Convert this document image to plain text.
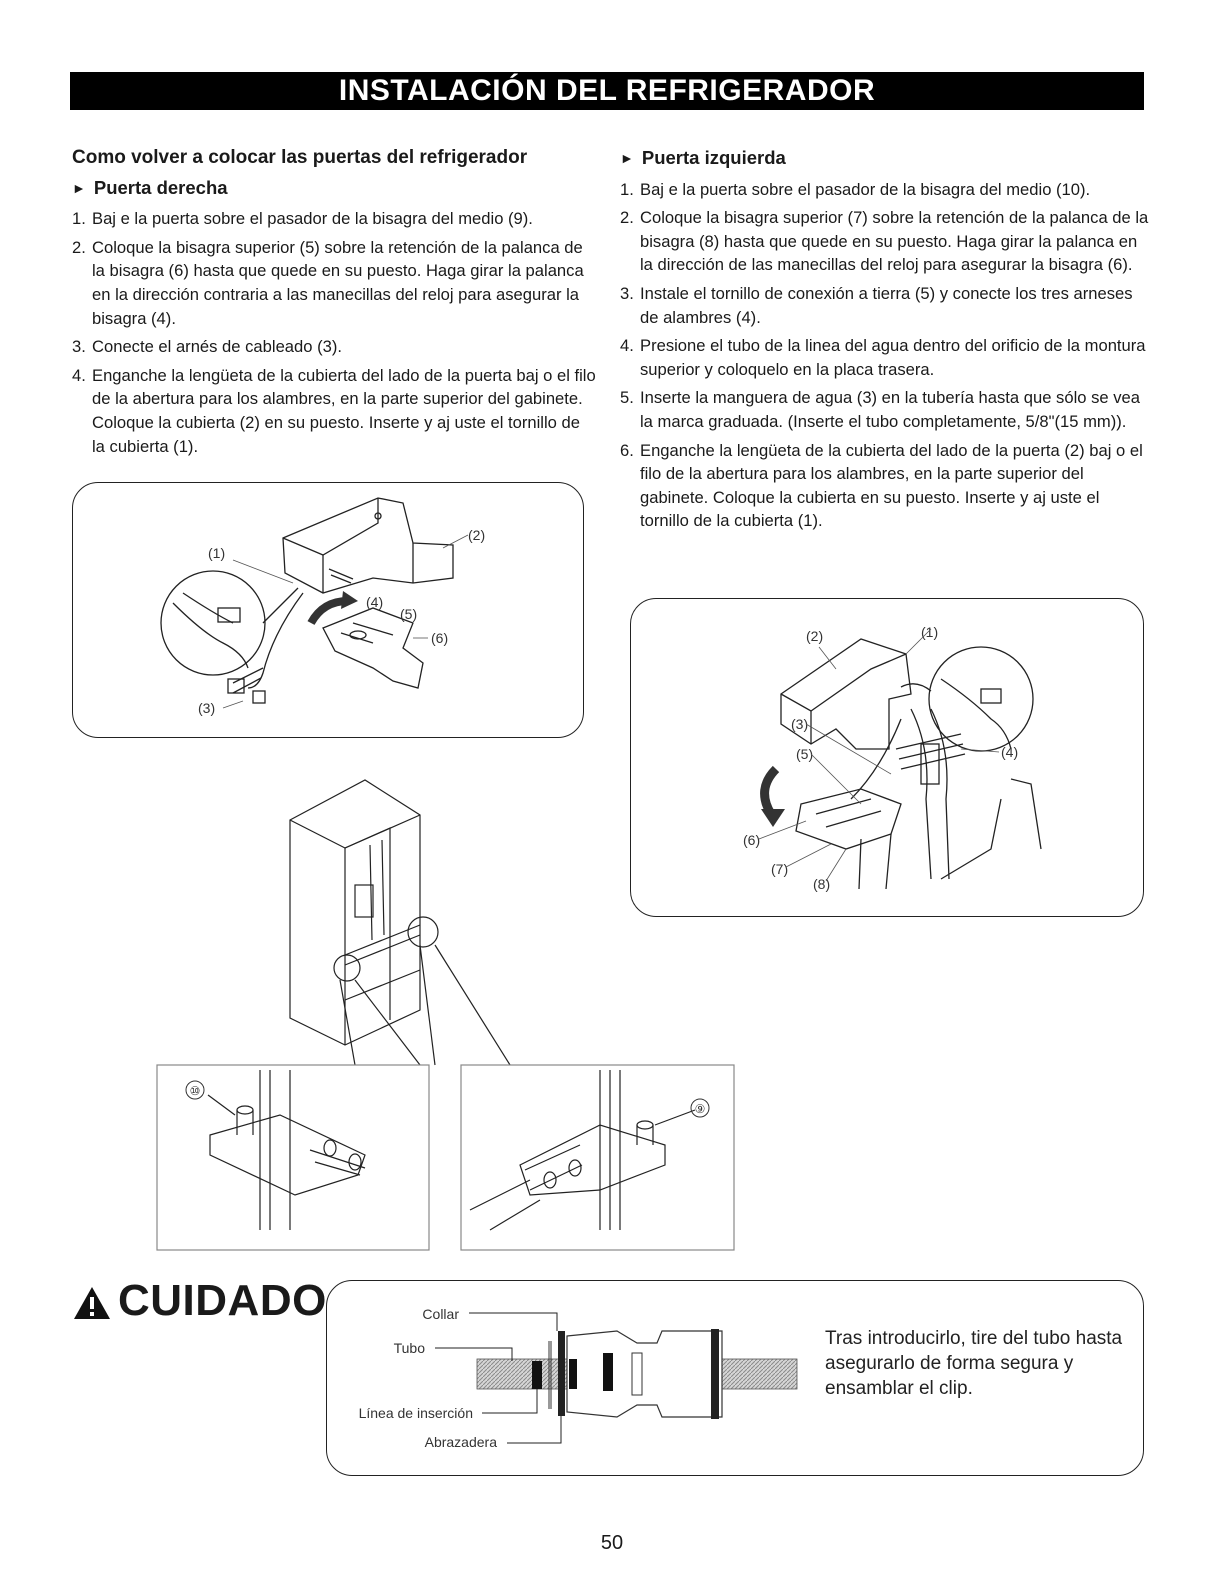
INSTALACIÓN DEL REFRIGERADOR
Como volver a colocar las puertas del refrigerador
► Puerta derecha
1. Baj e la puerta sobre el pasador de la bisagra del medio (9).
2. Coloque la bisagra superior (5) sobre la retención de la palanca de la bisagra (6) hasta que quede en su puesto. Haga girar la palanca en la dirección contraria a las manecillas del reloj para asegurar la bisagra (4).
3. Conecte el arnés de cableado (3).
4. Enganche la lengüeta de la cubierta del lado de la puerta baj o el filo de la abertura para los alambres, en la parte superior del gabinete. Coloque la cubierta (2) en su puesto. Inserte y aj uste el tornillo de la cubierta (1).
(1)
(2)
(3)
(4)
(5)
(6)
► Puerta izquierda
1. Baj e la puerta sobre el pasador de la bisagra del medio (10).
2. Coloque la bisagra superior (7) sobre la retención de la palanca de la bisagra (8) hasta que quede en su puesto. Haga girar la palanca en la dirección de las manecillas del reloj para asegurar la bisagra (6).
3. Instale el tornillo de conexión a tierra (5) y conecte los tres arneses de alambres (4).
4. Presione el tubo de la linea del agua dentro del orificio de la montura superior y coloquelo en la placa trasera.
5. Inserte la manguera de agua (3) en la tubería hasta que sólo se vea la marca graduada. (Inserte el tubo completamente, 5/8"(15 mm)).
6. Enganche la lengüeta de la cubierta del lado de la puerta (2) baj o el filo de la abertura para los alambres, en la parte superior del gabinete. Coloque la cubierta en su puesto. Inserte y aj uste el tornillo de la cubierta (1).
(2)	(1)
(3)
(4)
(5)
(6)
(7)
(8)
⑩
⑨
CUIDADO	Collar
Tubo
Línea de inserción
Abrazadera
Tras introducirlo, tire del tubo hasta asegurarlo de forma segura y ensamblar el clip.
50
